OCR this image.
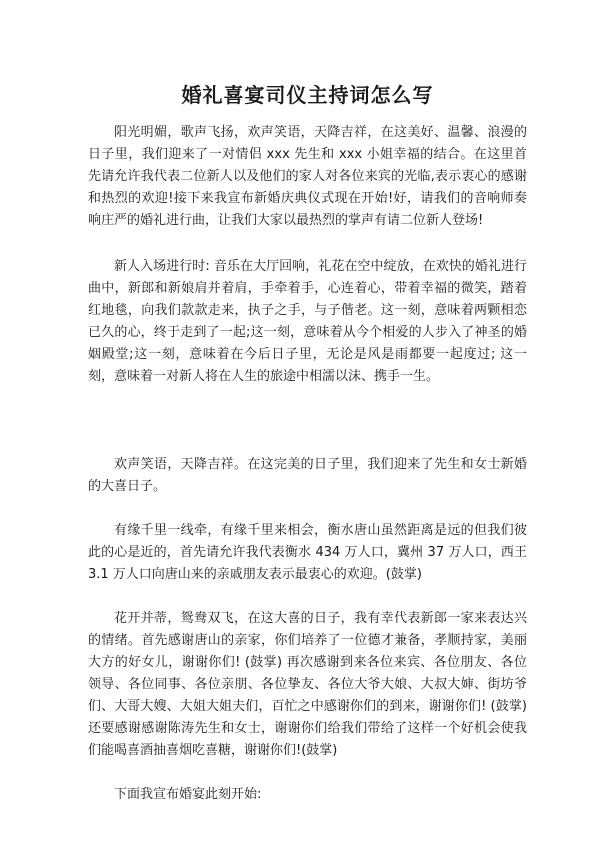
婚礼喜宴司仪主持词怎么写

阳光明媚，歌声飞扬，欢声笑语，天降吉祥，在这美好、温馨、浪漫的日子里，我们迎来了一对情侣 xxx 先生和 xxx 小姐幸福的结合。在这里首先请允许我代表二位新人以及他们的家人对各位来宾的光临,表示衷心的感谢和热烈的欢迎!接下来我宣布新婚庆典仪式现在开始!好，请我们的音响师奏响庄严的婚礼进行曲，让我们大家以最热烈的掌声有请二位新人登场!

新人入场进行时: 音乐在大厅回响，礼花在空中绽放，在欢快的婚礼进行曲中，新郎和新娘肩并着肩，手牵着手，心连着心，带着幸福的微笑，踏着红地毯，向我们款款走来，执子之手，与子偕老。这一刻，意味着两颗相恋已久的心，终于走到了一起;这一刻，意味着从今个相爱的人步入了神圣的婚姻殿堂;这一刻，意味着在今后日子里，无论是风是雨都要一起度过; 这一刻，意味着一对新人将在人生的旅途中相濡以沫、携手一生。

欢声笑语，天降吉祥。在这完美的日子里，我们迎来了先生和女士新婚的大喜日子。

有缘千里一线牵，有缘千里来相会，衡水唐山虽然距离是远的但我们彼此的心是近的，首先请允许我代表衡水 434 万人口，冀州 37 万人口，西王 3.1 万人口向唐山来的亲戚朋友表示最衷心的欢迎。(鼓掌)

花开并蒂，鸳鸯双飞，在这大喜的日子，我有幸代表新郎一家来表达兴的情绪。首先感谢唐山的亲家，你们培养了一位德才兼备，孝顺持家，美丽大方的好女儿，谢谢你们! (鼓掌) 再次感谢到来各位来宾、各位朋友、各位领导、各位同事、各位亲朋、各位挚友、各位大爷大娘、大叔大婶、街坊爷们、大哥大嫂、大姐大姐夫们，百忙之中感谢你们的到来，谢谢你们! (鼓掌) 还要感谢感谢陈涛先生和女士，谢谢你们给我们带给了这样一个好机会使我们能喝喜酒抽喜烟吃喜糖，谢谢你们!(鼓掌)

下面我宣布婚宴此刻开始:
